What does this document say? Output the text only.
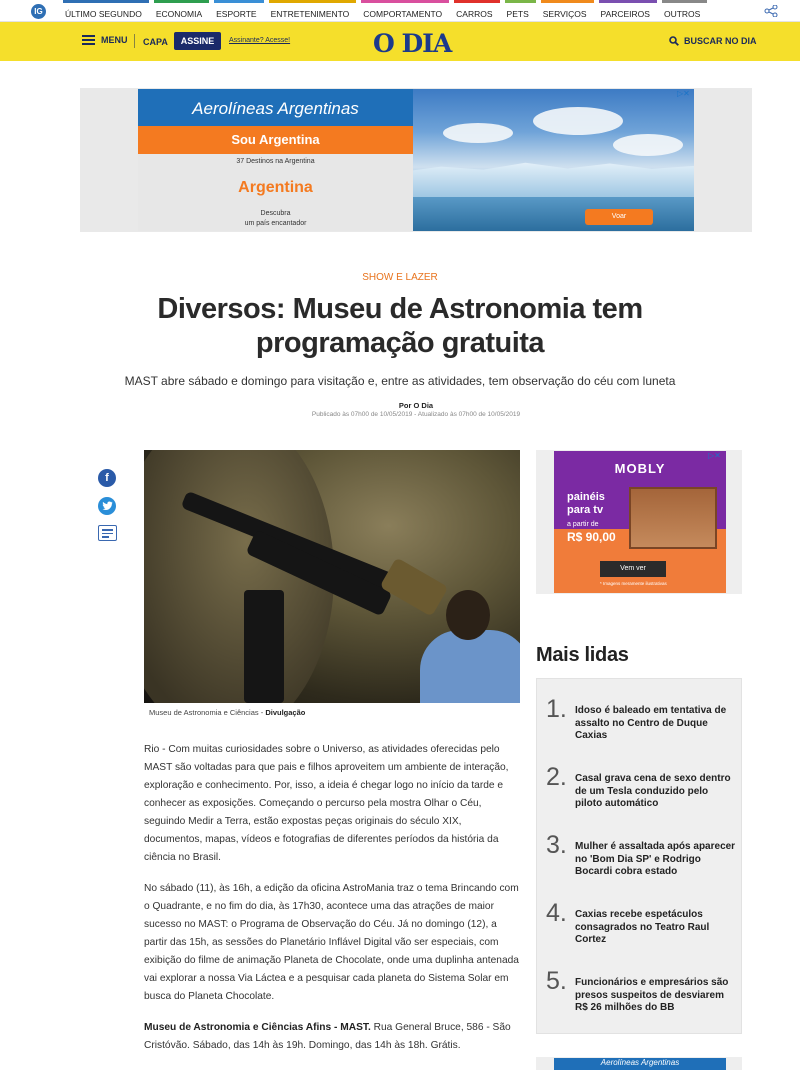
IG	ÚLTIMO SEGUNDO	ECONOMIA	ESPORTE	ENTRETENIMENTO	COMPORTAMENTO	CARROS	PETS	SERVIÇOS	PARCEIROS	OUTROS
MENU CAPA	ASSINE	Assinante? Acesse!	O DIA	BUSCAR NO DIA
Aerolíneas Argentinas
Sou Argentina
37 Destinos na Argentina
Argentina
Descubra
um país encantador
Voar
▷✕
SHOW E LAZER
Diversos: Museu de Astronomia tem programação gratuita
MAST abre sábado e domingo para visitação e, entre as atividades, tem observação do céu com luneta
Por O Dia
Publicado às 07h00 de 10/05/2019 - Atualizado às 07h00 de 10/05/2019
f
Museu de Astronomia e Ciências - Divulgação

Rio - Com muitas curiosidades sobre o Universo, as atividades oferecidas pelo MAST são voltadas para que pais e filhos aproveitem um ambiente de interação, exploração e conhecimento. Por, isso, a ideia é chegar logo no início da tarde e conhecer as exposições. Começando o percurso pela mostra Olhar o Céu, seguindo Medir a Terra, estão expostas peças originais do século XIX, documentos, mapas, vídeos e fotografias de diferentes períodos da história da ciência no Brasil.

No sábado (11), às 16h, a edição da oficina AstroMania traz o tema Brincando com o Quadrante, e no fim do dia, às 17h30, acontece uma das atrações de maior sucesso no MAST: o Programa de Observação do Céu. Já no domingo (12), a partir das 15h, as sessões do Planetário Inflável Digital vão ser especiais, com exibição do filme de animação Planeta de Chocolate, onde uma duplinha antenada vai explorar a nossa Via Láctea e a pesquisar cada planeta do Sistema Solar em busca do Planeta Chocolate.

Museu de Astronomia e Ciências Afins - MAST. Rua General Bruce, 586 - São Cristóvão. Sábado, das 14h às 19h. Domingo, das 14h às 18h. Grátis.

MOBLY
painéis
para tv
a partir de
R$ 90,00
Vem ver
* Imagens meramente ilustrativas
▷✕
Mais lidas
1. Idoso é baleado em tentativa de assalto no Centro de Duque Caxias
2. Casal grava cena de sexo dentro de um Tesla conduzido pelo piloto automático
3. Mulher é assaltada após aparecer no 'Bom Dia SP' e Rodrigo Bocardi cobra estado
4. Caxias recebe espetáculos consagrados no Teatro Raul Cortez
5. Funcionários e empresários são presos suspeitos de desviarem R$ 26 milhões do BB
Aerolíneas Argentinas
